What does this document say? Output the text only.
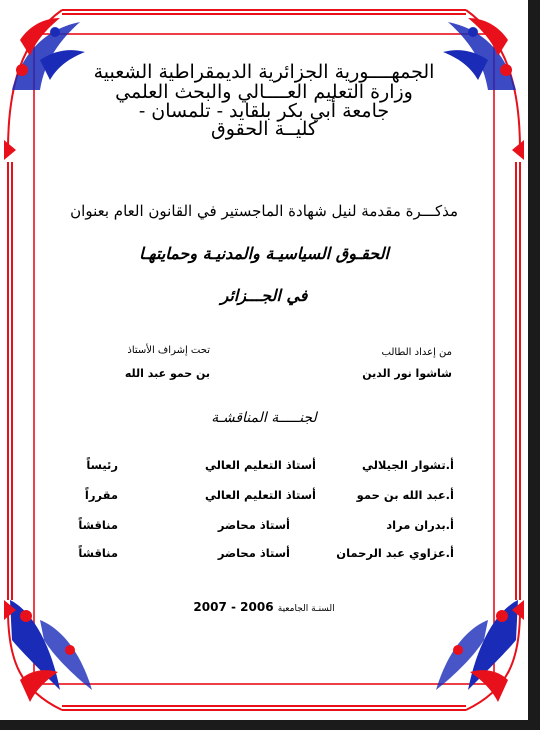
الجمهــــورية الجزائرية الديمقراطية الشعبية
وزارة التعليم العــــالي والبحث العلمي
جامعة أبي بكر بلقايد - تلمسان -
كليــة الحقوق
مذكـــرة مقدمة لنيل شهادة الماجستير في القانون العام بعنوان
الحقـوق السياسيـة والمدنيـة وحمايتهـا
في الجـــزائر
من إعداد الطالب
شاشوا نور الدين
تحت إشراف الأستاذ
بن حمو عبد الله
لجنـــــة المناقشـة
أ.تشوار الجيلالي
أستاذ التعليم العالي
رئيساً
أ.عبد الله بن حمو
أستاذ التعليم العالي
مقرراً
أ.بدران مراد
أستاذ محاضر
مناقشاً
أ.عزاوي عبد الرحمان
أستاذ محاضر
مناقشاً
السنـة الجامعية 2006 - 2007
